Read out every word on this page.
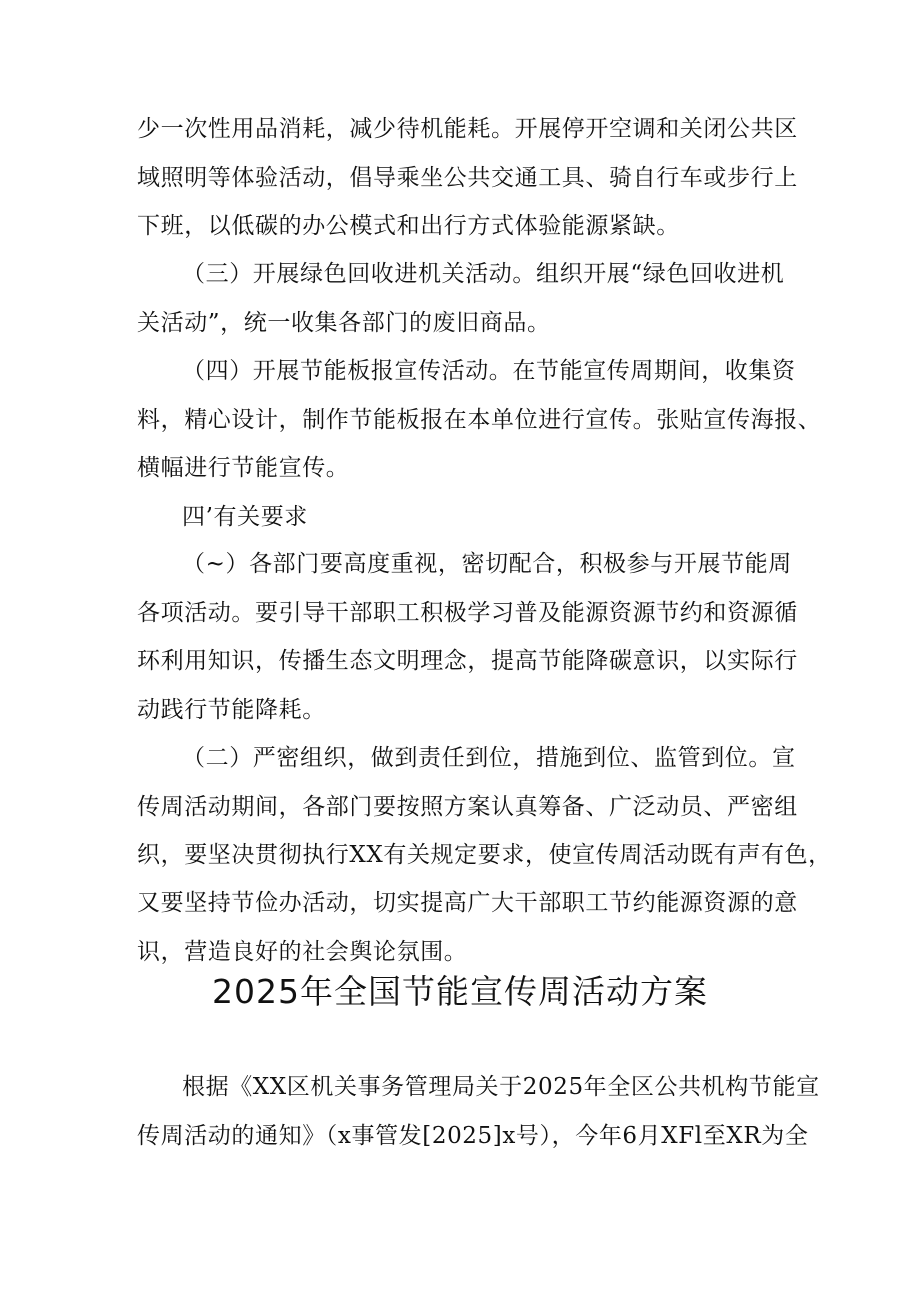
少一次性用品消耗，减少待机能耗。开展停开空调和关闭公共区
域照明等体验活动，倡导乘坐公共交通工具、骑自行车或步行上
下班，以低碳的办公模式和出行方式体验能源紧缺。
（三）开展绿色回收进机关活动。组织开展“绿色回收进机
关活动”，统一收集各部门的废旧商品。
（四）开展节能板报宣传活动。在节能宣传周期间，收集资
料，精心设计，制作节能板报在本单位进行宣传。张贴宣传海报、
横幅进行节能宣传。
四’有关要求
（~）各部门要高度重视，密切配合，积极参与开展节能周
各项活动。要引导干部职工积极学习普及能源资源节约和资源循
环利用知识，传播生态文明理念，提高节能降碳意识，以实际行
动践行节能降耗。
（二）严密组织，做到责任到位，措施到位、监管到位。宣
传周活动期间，各部门要按照方案认真筹备、广泛动员、严密组
织，要坚决贯彻执行XX有关规定要求，使宣传周活动既有声有色，
又要坚持节俭办活动，切实提高广大干部职工节约能源资源的意
识，营造良好的社会舆论氛围。
2025年全国节能宣传周活动方案
根据《XX区机关事务管理局关于2025年全区公共机构节能宣
传周活动的通知》（x事管发[2025]x号），今年6月XFl至XR为全
